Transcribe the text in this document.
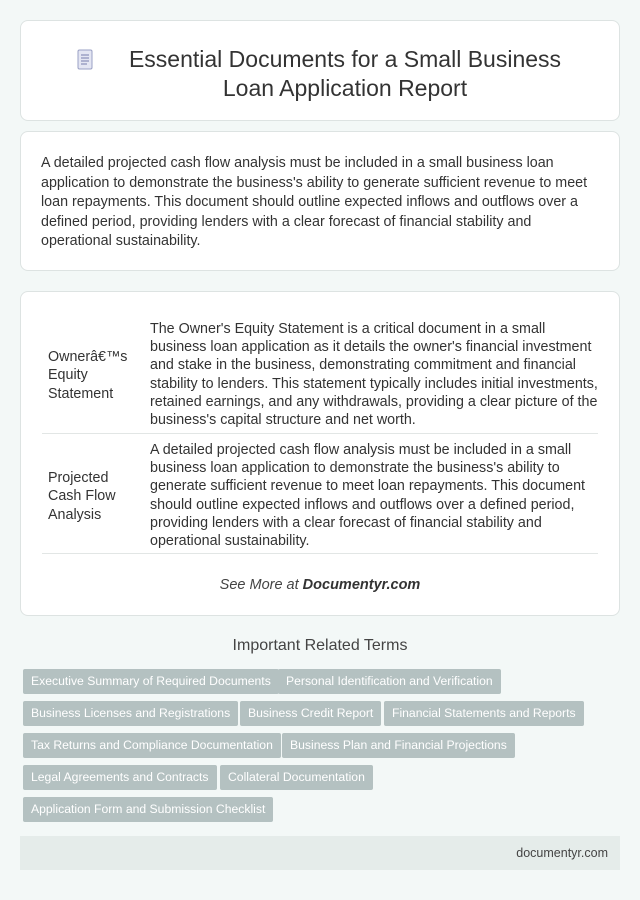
Essential Documents for a Small Business Loan Application Report

A detailed projected cash flow analysis must be included in a small business loan application to demonstrate the business's ability to generate sufficient revenue to meet loan repayments. This document should outline expected inflows and outflows over a defined period, providing lenders with a clear forecast of financial stability and operational sustainability.

Ownerâ€™s Equity Statement
The Owner's Equity Statement is a critical document in a small business loan application as it details the owner's financial investment and stake in the business, demonstrating commitment and financial stability to lenders. This statement typically includes initial investments, retained earnings, and any withdrawals, providing a clear picture of the business's capital structure and net worth.
Projected Cash Flow Analysis
A detailed projected cash flow analysis must be included in a small business loan application to demonstrate the business's ability to generate sufficient revenue to meet loan repayments. This document should outline expected inflows and outflows over a defined period, providing lenders with a clear forecast of financial stability and operational sustainability.
See More at Documentyr.com
Important Related Terms
Executive Summary of Required Documents	Personal Identification and Verification
Business Licenses and Registrations	Business Credit Report	Financial Statements and Reports
Tax Returns and Compliance Documentation	Business Plan and Financial Projections
Legal Agreements and Contracts	Collateral Documentation
Application Form and Submission Checklist
documentyr.com
